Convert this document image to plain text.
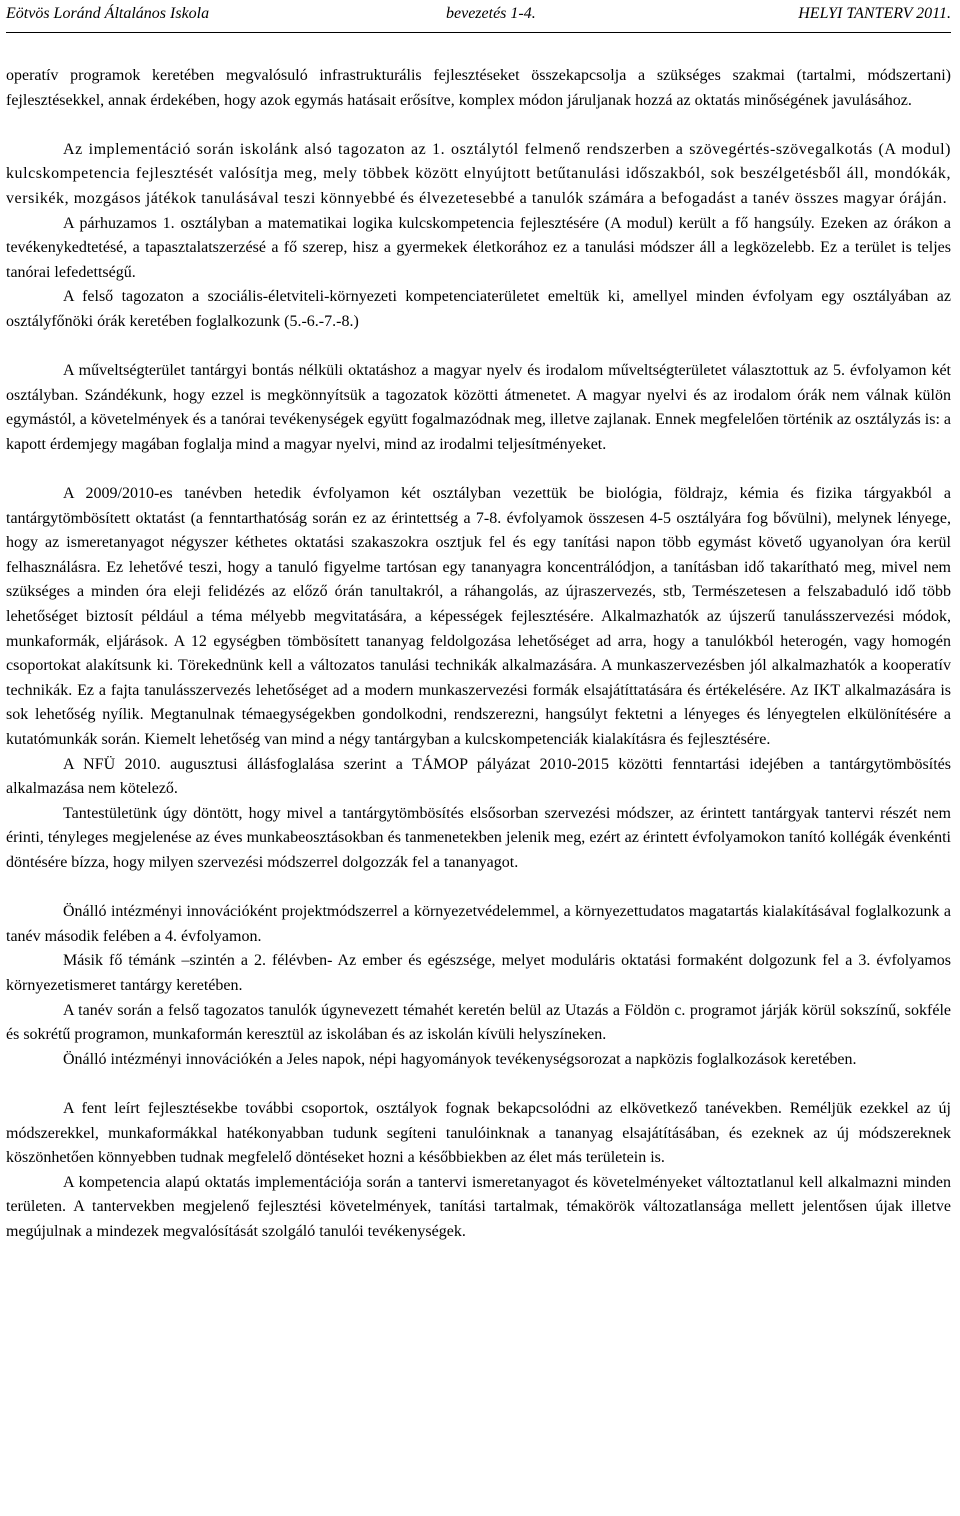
Eötvös Loránd Általános Iskola	bevezetés 1-4.	HELYI TANTERV 2011.

operatív programok keretében megvalósuló infrastrukturális fejlesztéseket összekapcsolja a szükséges szakmai (tartalmi, módszertani) fejlesztésekkel, annak érdekében, hogy azok egymás hatásait erősítve, komplex módon járuljanak hozzá az oktatás minőségének javulásához.

Az implementáció során iskolánk alsó tagozaton az 1. osztálytól felmenő rendszerben a szövegértés-szövegalkotás (A modul) kulcskompetencia fejlesztését valósítja meg, mely többek között elnyújtott betűtanulási időszakból, sok beszélgetésből áll, mondókák, versikék, mozgásos játékok tanulásával teszi könnyebbé és élvezetesebbé a tanulók számára a befogadást a tanév összes magyar óráján.

A párhuzamos 1. osztályban a matematikai logika kulcskompetencia fejlesztésére (A modul) került a fő hangsúly. Ezeken az órákon a tevékenykedtetésé, a tapasztalatszerzésé a fő szerep, hisz a gyermekek életkorához ez a tanulási módszer áll a legközelebb. Ez a terület is teljes tanórai lefedettségű.

A felső tagozaton a szociális-életviteli-környezeti kompetenciaterületet emeltük ki, amellyel minden évfolyam egy osztályában az osztályfőnöki órák keretében foglalkozunk (5.-6.-7.-8.)

A műveltségterület tantárgyi bontás nélküli oktatáshoz a magyar nyelv és irodalom műveltségterületet választottuk az 5. évfolyamon két osztályban. Szándékunk, hogy ezzel is megkönnyítsük a tagozatok közötti átmenetet. A magyar nyelvi és az irodalom órák nem válnak külön egymástól, a követelmények és a tanórai tevékenységek együtt fogalmazódnak meg, illetve zajlanak. Ennek megfelelően történik az osztályzás is: a kapott érdemjegy magában foglalja mind a magyar nyelvi, mind az irodalmi teljesítményeket.

A 2009/2010-es tanévben hetedik évfolyamon két osztályban vezettük be biológia, földrajz, kémia és fizika tárgyakból a tantárgytömbösített oktatást (a fenntarthatóság során ez az érintettség a 7-8. évfolyamok összesen 4-5 osztályára fog bővülni), melynek lényege, hogy az ismeretanyagot négyszer kéthetes oktatási szakaszokra osztjuk fel és egy tanítási napon több egymást követő ugyanolyan óra kerül felhasználásra. Ez lehetővé teszi, hogy a tanuló figyelme tartósan egy tananyagra koncentrálódjon, a tanításban idő takarítható meg, mivel nem szükséges a minden óra eleji felidézés az előző órán tanultakról, a ráhangolás, az újraszervezés, stb, Természetesen a felszabaduló idő több lehetőséget biztosít például a téma mélyebb megvitatására, a képességek fejlesztésére. Alkalmazhatók az újszerű tanulásszervezési módok, munkaformák, eljárások. A 12 egységben tömbösített tananyag feldolgozása lehetőséget ad arra, hogy a tanulókból heterogén, vagy homogén csoportokat alakítsunk ki. Törekednünk kell a változatos tanulási technikák alkalmazására. A munkaszervezésben jól alkalmazhatók a kooperatív technikák. Ez a fajta tanulásszervezés lehetőséget ad a modern munkaszervezési formák elsajátíttatására és értékelésére. Az IKT alkalmazására is sok lehetőség nyílik. Megtanulnak témaegységekben gondolkodni, rendszerezni, hangsúlyt fektetni a lényeges és lényegtelen elkülönítésére a kutatómunkák során. Kiemelt lehetőség van mind a négy tantárgyban a kulcskompetenciák kialakításra és fejlesztésére.

A NFÜ 2010. augusztusi állásfoglalása szerint a TÁMOP pályázat 2010-2015 közötti fenntartási idejében a tantárgytömbösítés alkalmazása nem kötelező.

Tantestületünk úgy döntött, hogy mivel a tantárgytömbösítés elsősorban szervezési módszer, az érintett tantárgyak tantervi részét nem érinti, tényleges megjelenése az éves munkabeosztásokban és tanmenetekben jelenik meg, ezért az érintett évfolyamokon tanító kollégák évenkénti döntésére bízza, hogy milyen szervezési módszerrel dolgozzák fel a tananyagot.

Önálló intézményi innovációként projektmódszerrel a környezetvédelemmel, a környezettudatos magatartás kialakításával foglalkozunk a tanév második felében a 4. évfolyamon.

Másik fő témánk –szintén a 2. félévben- Az ember és egészsége, melyet moduláris oktatási formaként dolgozunk fel a 3. évfolyamos környezetismeret tantárgy keretében.

A tanév során a felső tagozatos tanulók úgynevezett témahét keretén belül az Utazás a Földön c. programot járják körül sokszínű, sokféle és sokrétű programon, munkaformán keresztül az iskolában és az iskolán kívüli helyszíneken.

Önálló intézményi innovációkén a Jeles napok, népi hagyományok tevékenységsorozat a napközis foglalkozások keretében.

A fent leírt fejlesztésekbe további csoportok, osztályok fognak bekapcsolódni az elkövetkező tanévekben. Reméljük ezekkel az új módszerekkel, munkaformákkal hatékonyabban tudunk segíteni tanulóinknak a tananyag elsajátításában, és ezeknek az új módszereknek köszönhetően könnyebben tudnak megfelelő döntéseket hozni a későbbiekben az élet más területein is.

A kompetencia alapú oktatás implementációja során a tantervi ismeretanyagot és követelményeket változtatlanul kell alkalmazni minden területen. A tantervekben megjelenő fejlesztési követelmények, tanítási tartalmak, témakörök változatlansága mellett jelentősen újak illetve megújulnak a mindezek megvalósítását szolgáló tanulói tevékenységek.
